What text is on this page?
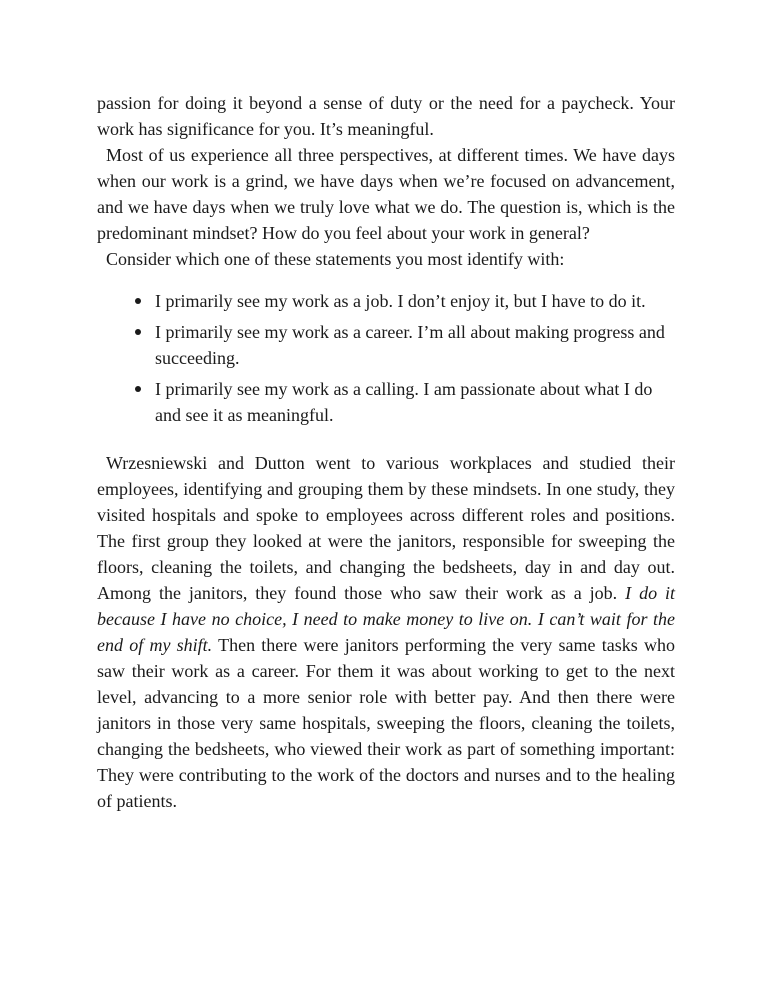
passion for doing it beyond a sense of duty or the need for a paycheck. Your work has significance for you. It’s meaningful.

Most of us experience all three perspectives, at different times. We have days when our work is a grind, we have days when we’re focused on advancement, and we have days when we truly love what we do. The question is, which is the predominant mindset? How do you feel about your work in general?

Consider which one of these statements you most identify with:

I primarily see my work as a job. I don’t enjoy it, but I have to do it.
I primarily see my work as a career. I’m all about making progress and succeeding.
I primarily see my work as a calling. I am passionate about what I do and see it as meaningful.

Wrzesniewski and Dutton went to various workplaces and studied their employees, identifying and grouping them by these mindsets. In one study, they visited hospitals and spoke to employees across different roles and positions. The first group they looked at were the janitors, responsible for sweeping the floors, cleaning the toilets, and changing the bedsheets, day in and day out. Among the janitors, they found those who saw their work as a job. I do it because I have no choice, I need to make money to live on. I can’t wait for the end of my shift. Then there were janitors performing the very same tasks who saw their work as a career. For them it was about working to get to the next level, advancing to a more senior role with better pay. And then there were janitors in those very same hospitals, sweeping the floors, cleaning the toilets, changing the bedsheets, who viewed their work as part of something important: They were contributing to the work of the doctors and nurses and to the healing of patients.
